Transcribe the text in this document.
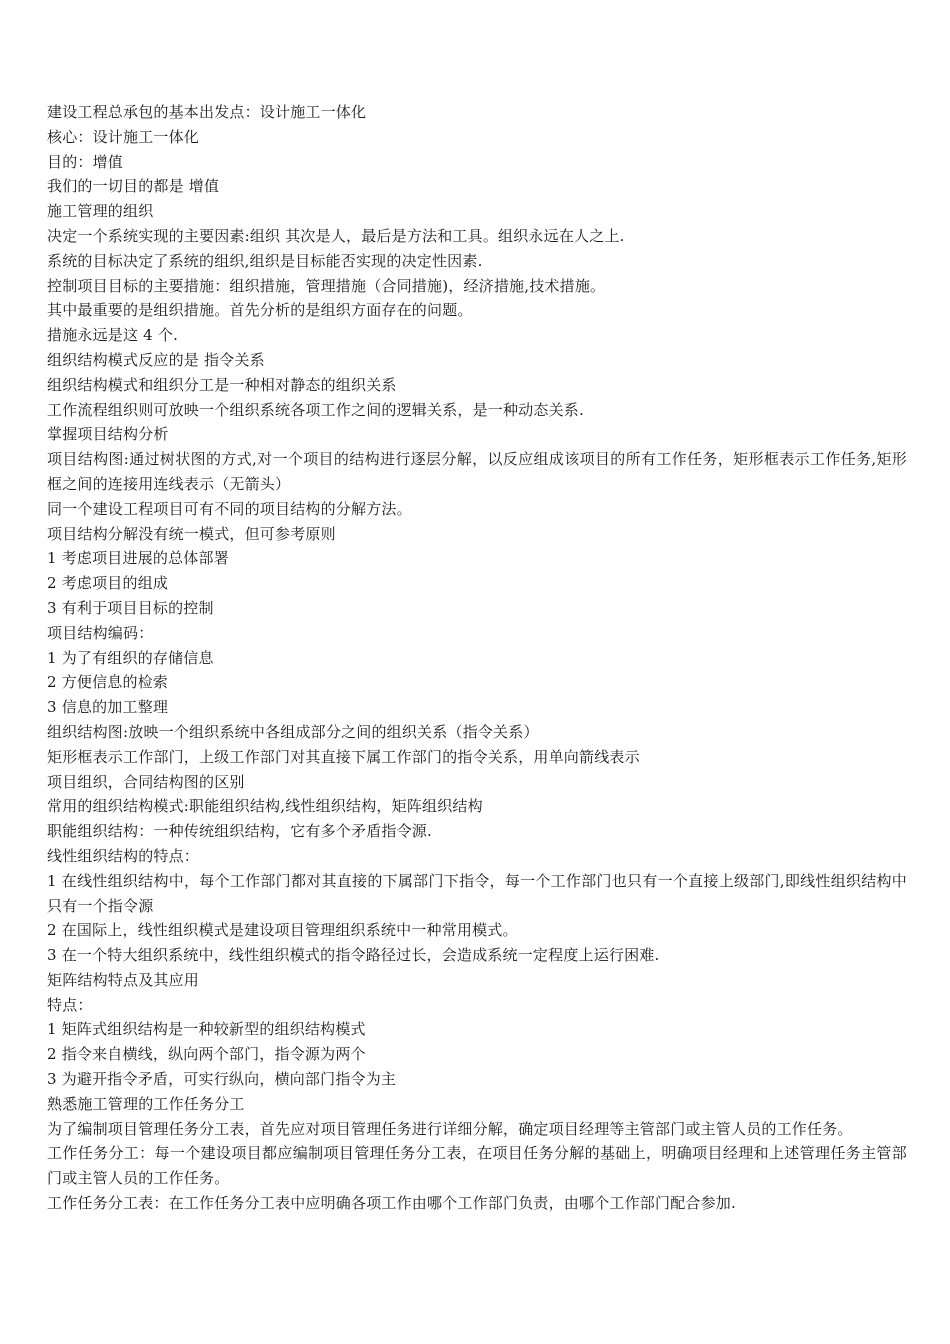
建设工程总承包的基本出发点：设计施工一体化

核心：设计施工一体化

目的：增值

我们的一切目的都是 增值

施工管理的组织

决定一个系统实现的主要因素:组织 其次是人，最后是方法和工具。组织永远在人之上.

系统的目标决定了系统的组织,组织是目标能否实现的决定性因素.

控制项目目标的主要措施：组织措施，管理措施（合同措施)，经济措施,技术措施。

其中最重要的是组织措施。首先分析的是组织方面存在的问题。

措施永远是这 4 个.

组织结构模式反应的是 指令关系

组织结构模式和组织分工是一种相对静态的组织关系

工作流程组织则可放映一个组织系统各项工作之间的逻辑关系，是一种动态关系.

掌握项目结构分析

项目结构图:通过树状图的方式,对一个项目的结构进行逐层分解，以反应组成该项目的所有工作任务，矩形框表示工作任务,矩形框之间的连接用连线表示（无箭头）

同一个建设工程项目可有不同的项目结构的分解方法。

项目结构分解没有统一模式，但可参考原则

1 考虑项目进展的总体部署

2 考虑项目的组成

3 有利于项目目标的控制

项目结构编码：

1 为了有组织的存储信息

2 方便信息的检索

3 信息的加工整理

组织结构图:放映一个组织系统中各组成部分之间的组织关系（指令关系）

矩形框表示工作部门，上级工作部门对其直接下属工作部门的指令关系，用单向箭线表示

项目组织，合同结构图的区别

常用的组织结构模式:职能组织结构,线性组织结构，矩阵组织结构

职能组织结构：一种传统组织结构，它有多个矛盾指令源.

线性组织结构的特点：

1 在线性组织结构中，每个工作部门都对其直接的下属部门下指令，每一个工作部门也只有一个直接上级部门,即线性组织结构中只有一个指令源

2 在国际上，线性组织模式是建设项目管理组织系统中一种常用模式。

3 在一个特大组织系统中，线性组织模式的指令路径过长，会造成系统一定程度上运行困难.

矩阵结构特点及其应用

特点：

1 矩阵式组织结构是一种较新型的组织结构模式

2 指令来自横线，纵向两个部门，指令源为两个

3 为避开指令矛盾，可实行纵向，横向部门指令为主

熟悉施工管理的工作任务分工

为了编制项目管理任务分工表，首先应对项目管理任务进行详细分解，确定项目经理等主管部门或主管人员的工作任务。

工作任务分工：每一个建设项目都应编制项目管理任务分工表，在项目任务分解的基础上，明确项目经理和上述管理任务主管部门或主管人员的工作任务。

工作任务分工表：在工作任务分工表中应明确各项工作由哪个工作部门负责，由哪个工作部门配合参加.
